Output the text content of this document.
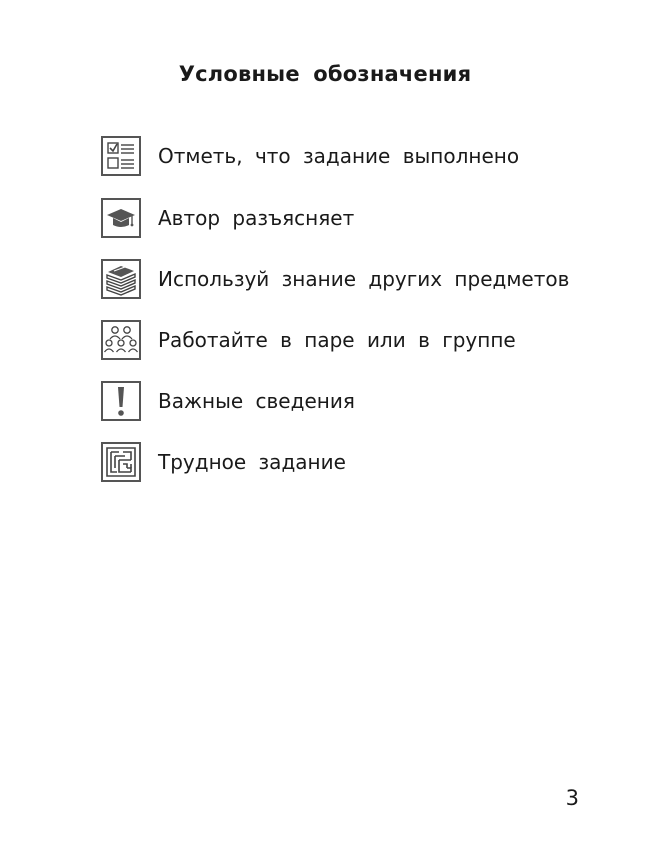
Условные обозначения
Отметь, что задание выполнено
Автор разъясняет
Используй знание других предметов
Работайте в паре или в группе
Важные сведения
Трудное задание
3
